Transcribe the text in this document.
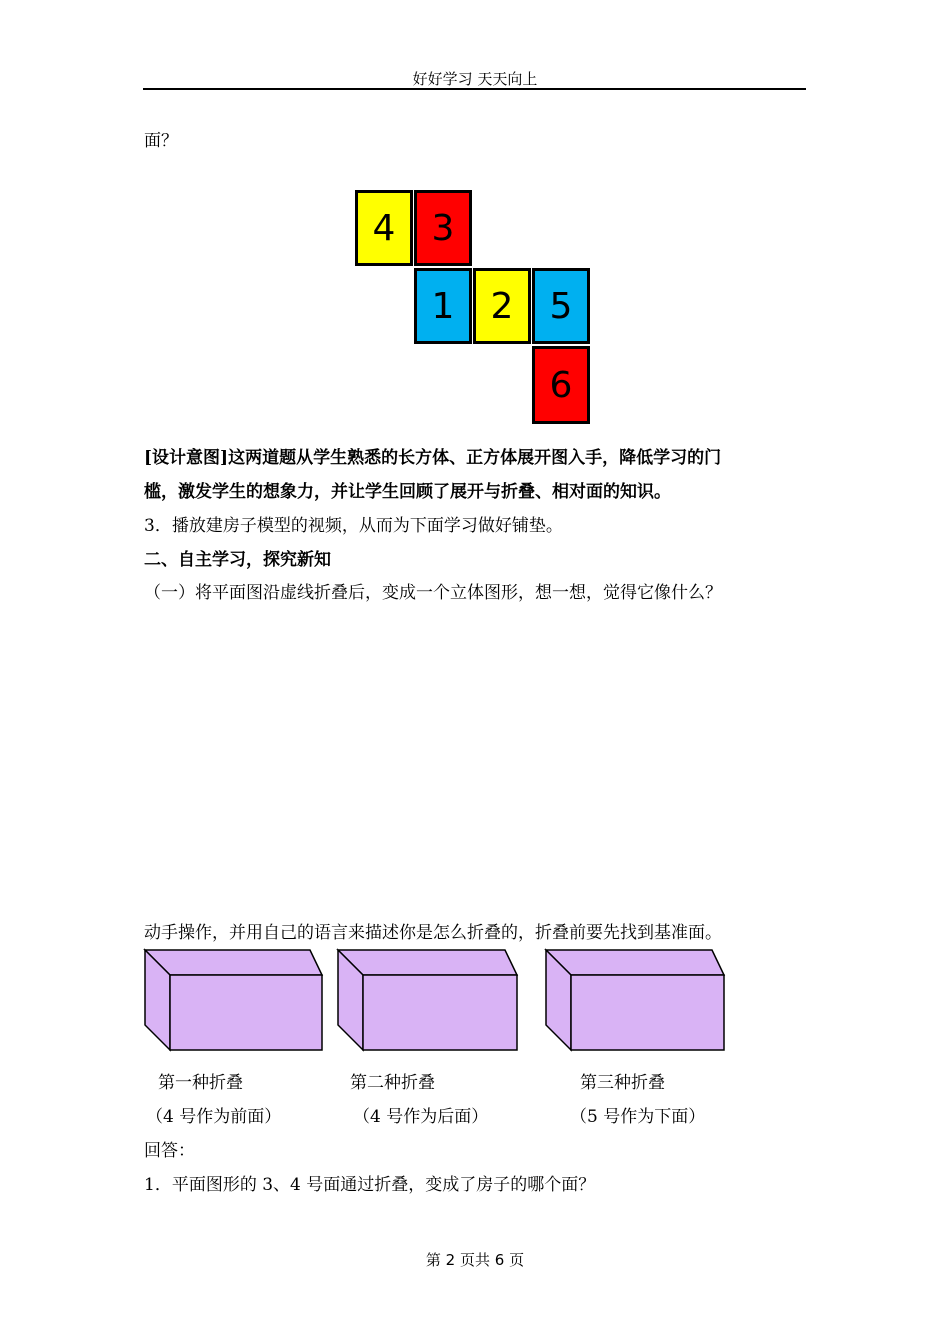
好好学习 天天向上
面？
4 3
1 2 5
6
[设计意图]这两道题从学生熟悉的长方体、正方体展开图入手，降低学习的门
槛，激发学生的想象力，并让学生回顾了展开与折叠、相对面的知识。
3．播放建房子模型的视频，从而为下面学习做好铺垫。
二、自主学习，探究新知
（一）将平面图沿虚线折叠后，变成一个立体图形，想一想，觉得它像什么？
动手操作，并用自己的语言来描述你是怎么折叠的，折叠前要先找到基准面。
第一种折叠	第二种折叠	第三种折叠
（4 号作为前面）	（4 号作为后面）	（5 号作为下面）
回答：
1．平面图形的 3、4 号面通过折叠，变成了房子的哪个面？
第 2 页共 6 页
